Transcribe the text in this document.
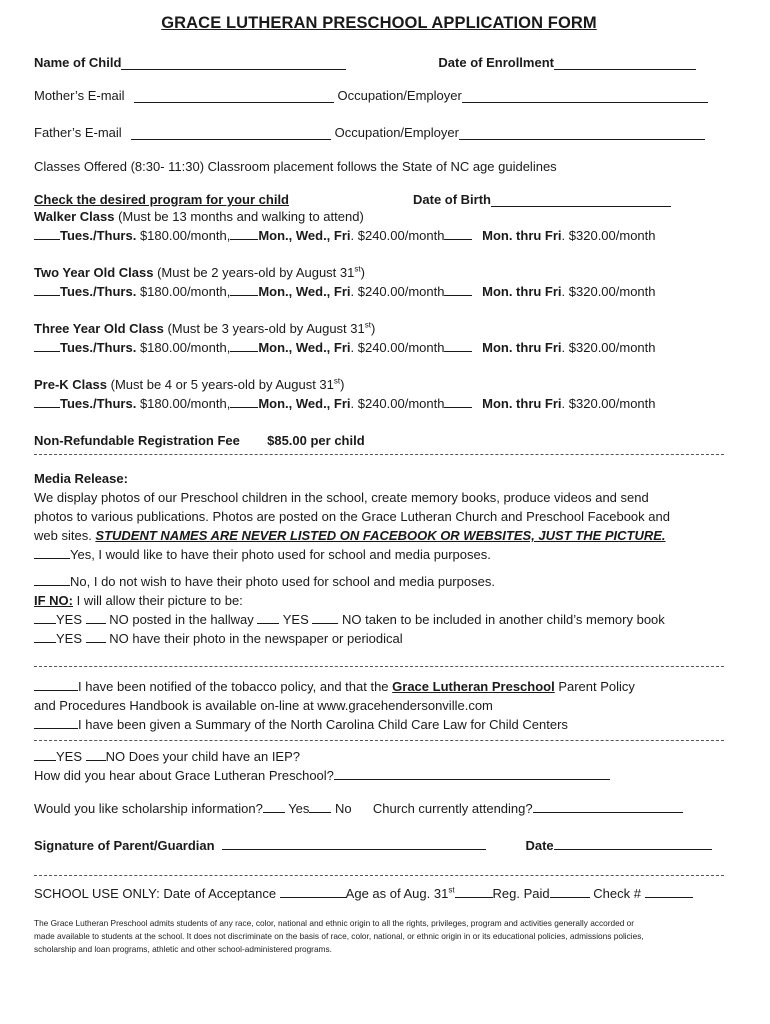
GRACE LUTHERAN PRESCHOOL APPLICATION FORM
Name of Child	Date of Enrollment
Mother’s E-mail	Occupation/Employer
Father’s E-mail	Occupation/Employer
Classes Offered (8:30- 11:30) Classroom placement follows the State of NC age guidelines
Check the desired program for your child	Date of Birth
Walker Class (Must be 13 months and walking to attend)
Tues./Thurs. $180.00/month, Mon., Wed., Fri. $240.00/month	Mon. thru Fri. $320.00/month
Two Year Old Class (Must be 2 years-old by August 31st)
Tues./Thurs. $180.00/month, Mon., Wed., Fri. $240.00/month	Mon. thru Fri. $320.00/month
Three Year Old Class (Must be 3 years-old by August 31st)
Tues./Thurs. $180.00/month, Mon., Wed., Fri. $240.00/month	Mon. thru Fri. $320.00/month
Pre-K Class (Must be 4 or 5 years-old by August 31st)
Tues./Thurs. $180.00/month, Mon., Wed., Fri. $240.00/month	Mon. thru Fri. $320.00/month
Non-Refundable Registration Fee $85.00 per child
Media Release:
We display photos of our Preschool children in the school, create memory books, produce videos and send
photos to various publications. Photos are posted on the Grace Lutheran Church and Preschool Facebook and
web sites. STUDENT NAMES ARE NEVER LISTED ON FACEBOOK OR WEBSITES, JUST THE PICTURE.
Yes, I would like to have their photo used for school and media purposes.
No, I do not wish to have their photo used for school and media purposes.
IF NO: I will allow their picture to be:
YES  NO posted in the hallway  YES  NO taken to be included in another child’s memory book
YES  NO have their photo in the newspaper or periodical
I have been notified of the tobacco policy, and that the Grace Lutheran Preschool Parent Policy
and Procedures Handbook is available on-line at www.gracehendersonville.com
I have been given a Summary of the North Carolina Child Care Law for Child Centers
YES NO Does your child have an IEP?
How did you hear about Grace Lutheran Preschool?
Would you like scholarship information? Yes No Church currently attending?
Signature of Parent/Guardian	Date
SCHOOL USE ONLY: Date of Acceptance	Age as of Aug. 31st	Reg. Paid	Check #
The Grace Lutheran Preschool admits students of any race, color, national and ethnic origin to all the rights, privileges, program and activities generally accorded or
made available to students at the school. It does not discriminate on the basis of race, color, national, or ethnic origin in or its educational policies, admissions policies,
scholarship and loan programs, athletic and other school-administered programs.
